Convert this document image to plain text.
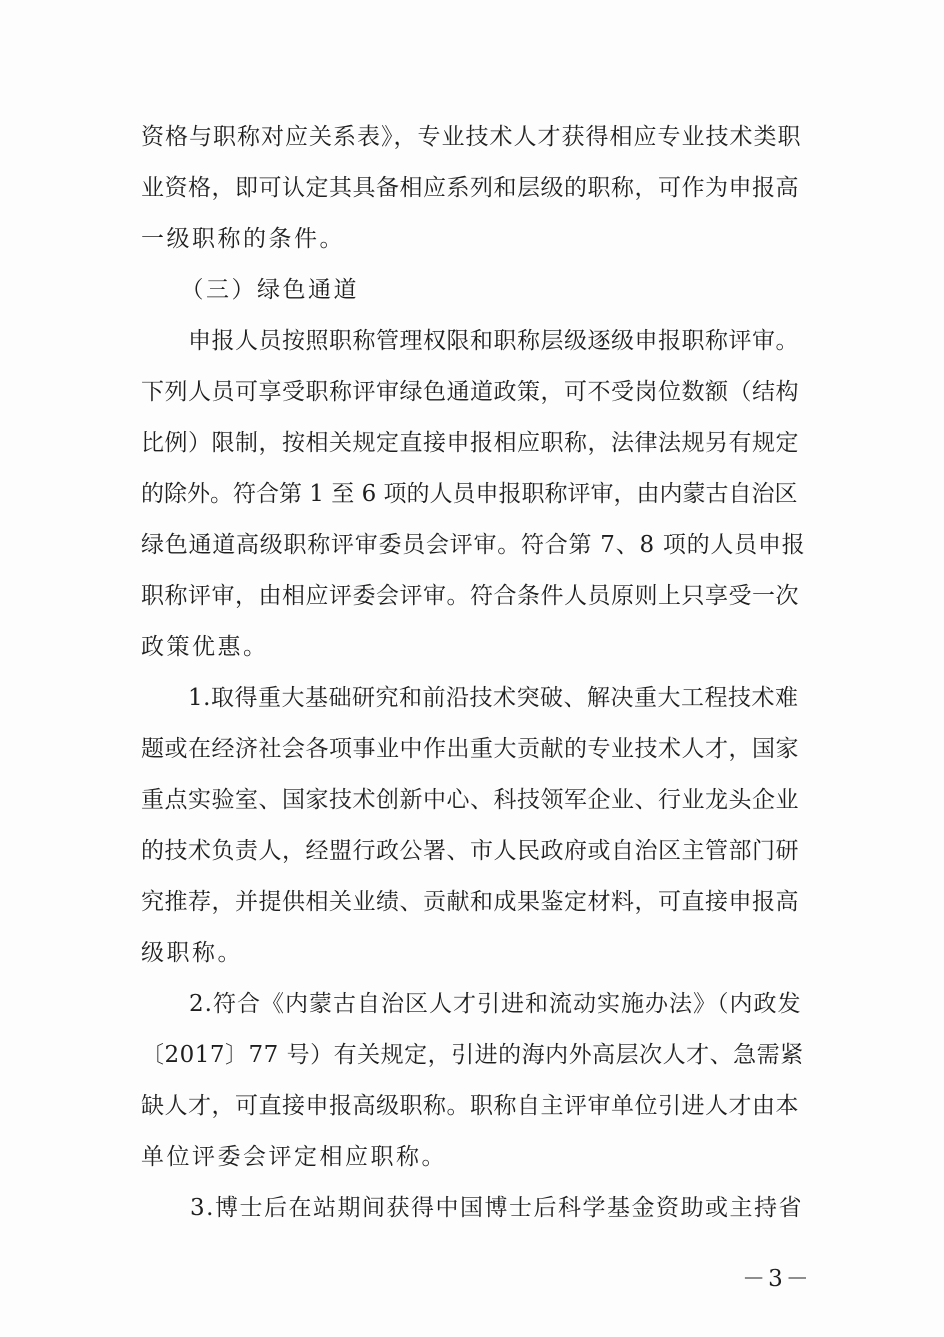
资格与职称对应关系表》，专业技术人才获得相应专业技术类职
业资格，即可认定其具备相应系列和层级的职称，可作为申报高
一级职称的条件。
　　（三）绿色通道
　　申报人员按照职称管理权限和职称层级逐级申报职称评审。
下列人员可享受职称评审绿色通道政策，可不受岗位数额（结构
比例）限制，按相关规定直接申报相应职称，法律法规另有规定
的除外。符合第 1 至 6 项的人员申报职称评审，由内蒙古自治区
绿色通道高级职称评审委员会评审。符合第 7、8 项的人员申报
职称评审，由相应评委会评审。符合条件人员原则上只享受一次
政策优惠。
　　1.取得重大基础研究和前沿技术突破、解决重大工程技术难
题或在经济社会各项事业中作出重大贡献的专业技术人才，国家
重点实验室、国家技术创新中心、科技领军企业、行业龙头企业
的技术负责人，经盟行政公署、市人民政府或自治区主管部门研
究推荐，并提供相关业绩、贡献和成果鉴定材料，可直接申报高
级职称。
　　2.符合《内蒙古自治区人才引进和流动实施办法》（内政发
〔2017〕77 号）有关规定，引进的海内外高层次人才、急需紧
缺人才，可直接申报高级职称。职称自主评审单位引进人才由本
单位评委会评定相应职称。
　　3.博士后在站期间获得中国博士后科学基金资助或主持省
－3－
